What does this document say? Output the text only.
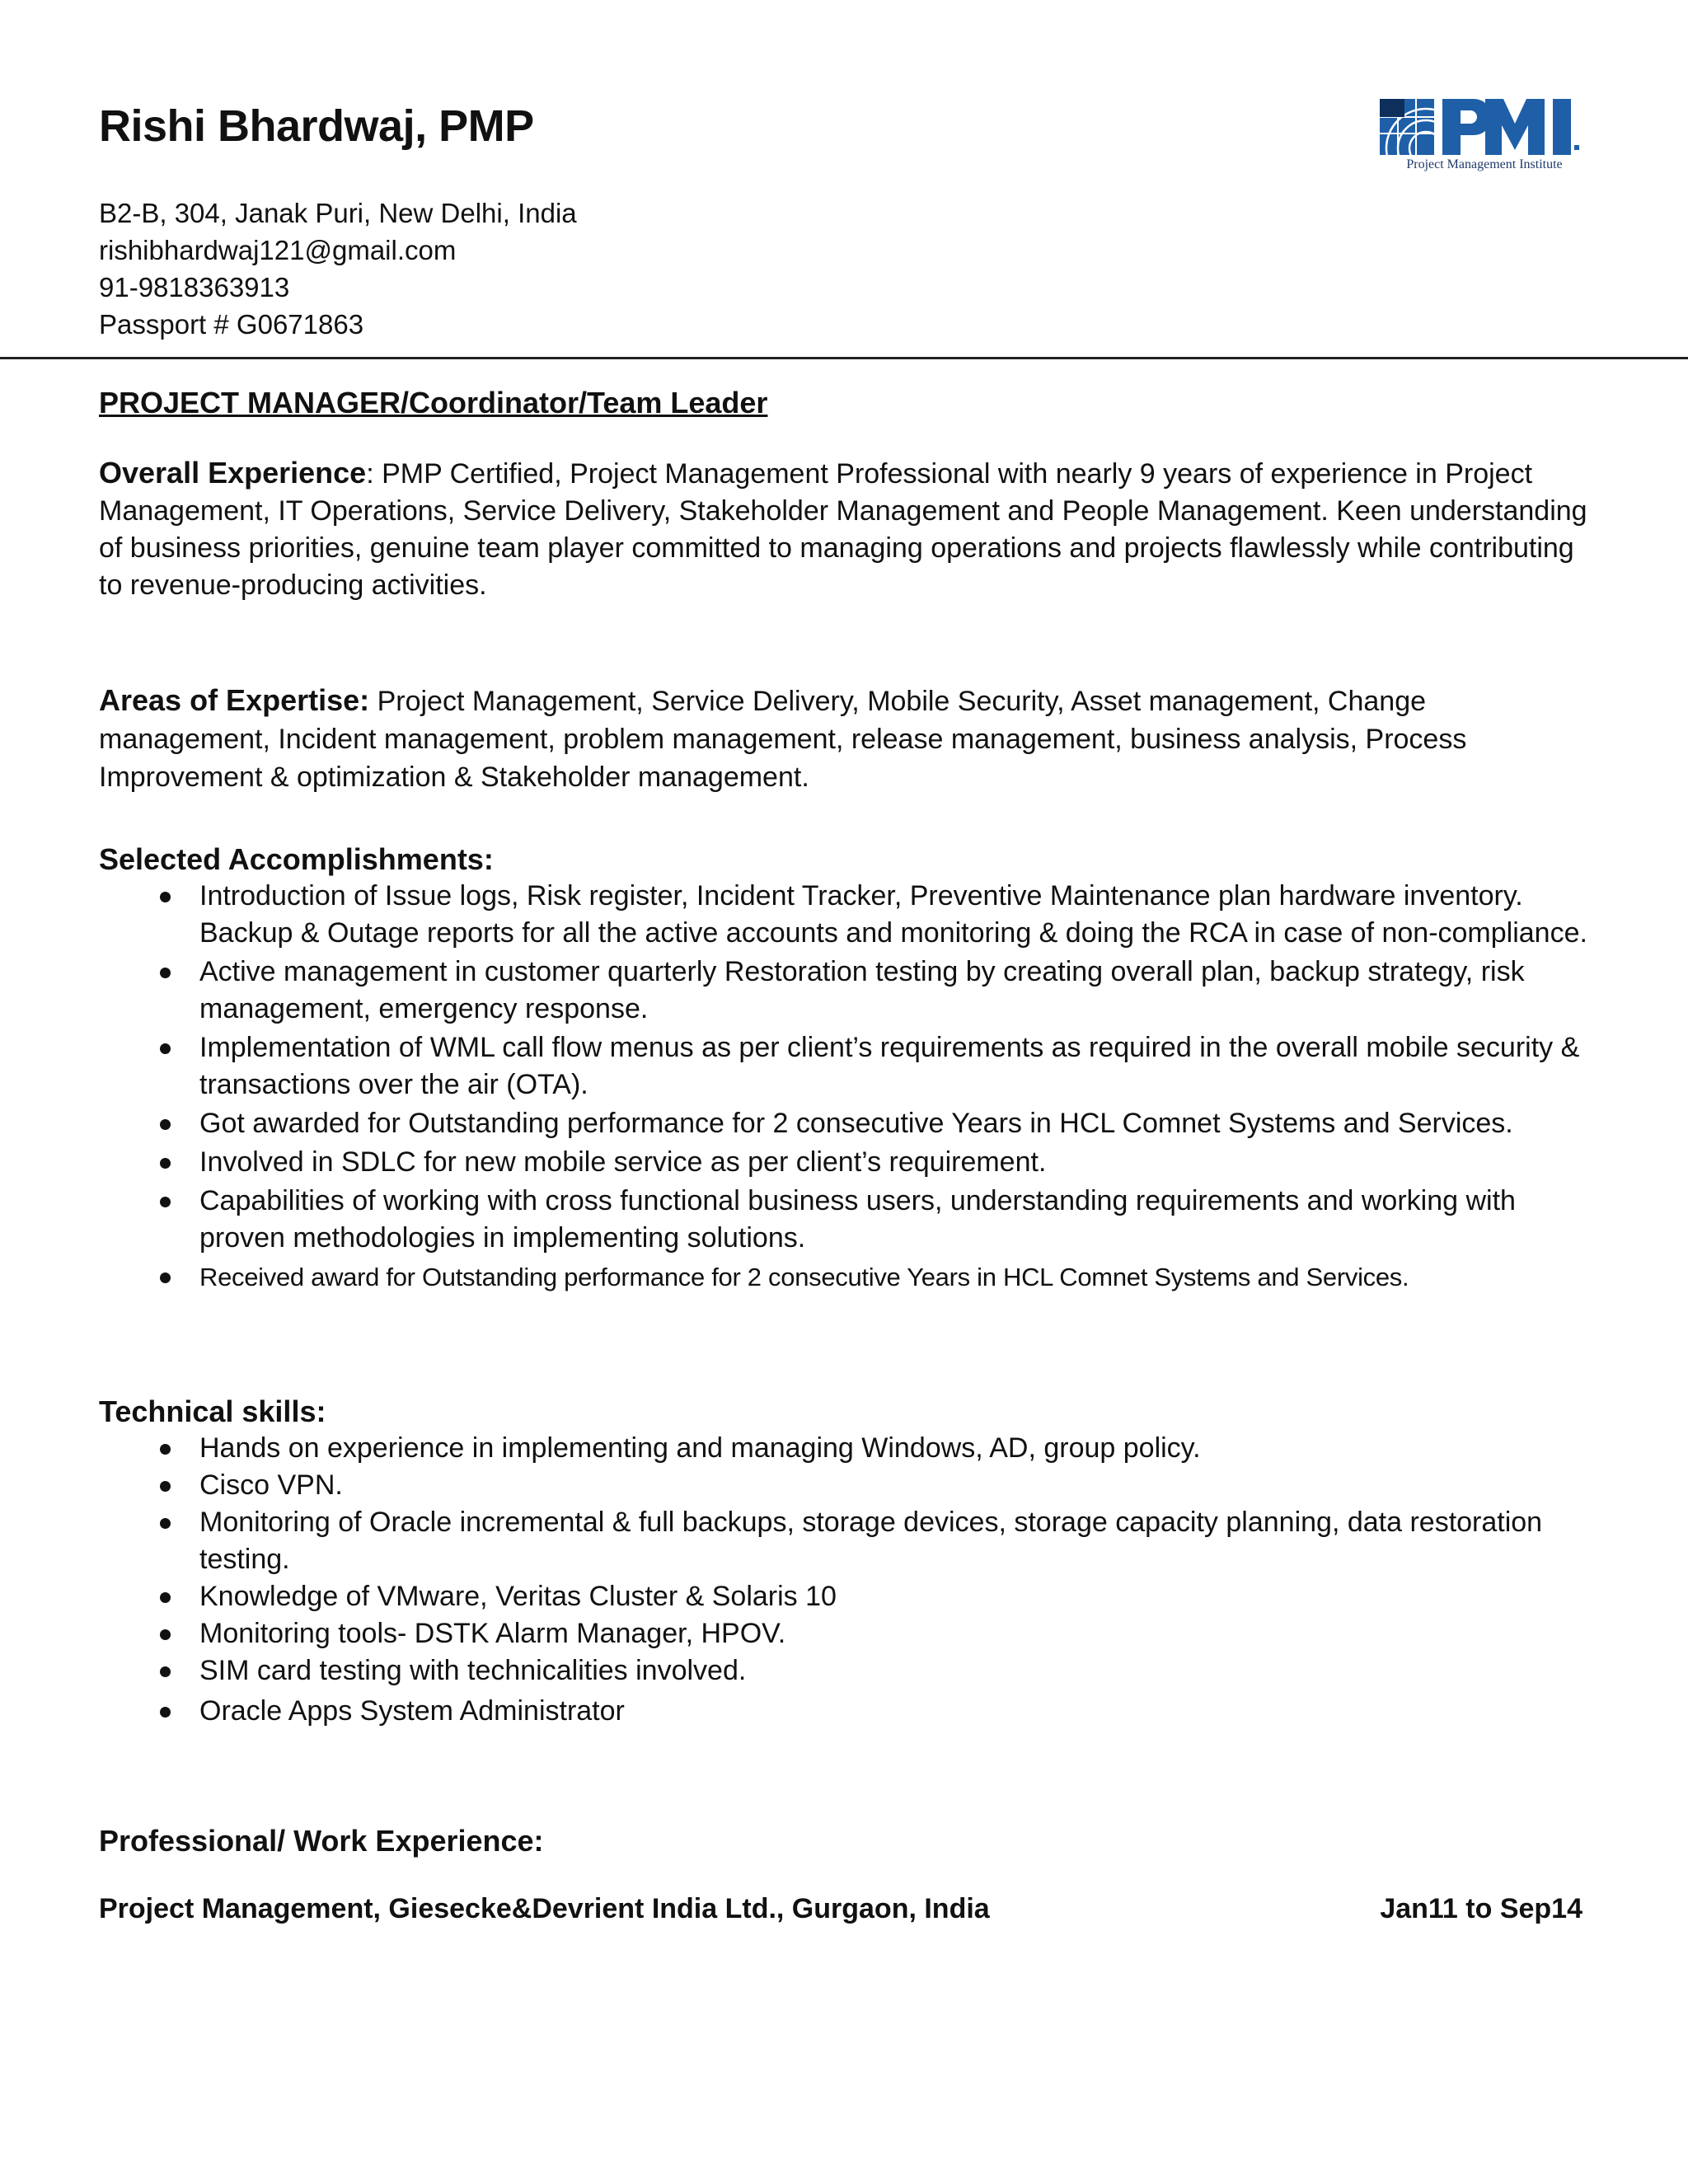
Rishi Bhardwaj, PMP
B2-B, 304, Janak Puri, New Delhi, India
rishibhardwaj121@gmail.com
91-9818363913
Passport # G0671863
Project Management Institute

PROJECT MANAGER/Coordinator/Team Leader

Overall Experience: PMP Certified, Project Management Professional with nearly 9 years of experience in Project Management, IT Operations, Service Delivery, Stakeholder Management and People Management. Keen understanding of business priorities, genuine team player committed to managing operations and projects flawlessly while contributing to revenue-producing activities.

Areas of Expertise: Project Management, Service Delivery, Mobile Security, Asset management, Change management, Incident management, problem management, release management, business analysis, Process Improvement & optimization & Stakeholder management.

Selected Accomplishments:

Introduction of Issue logs, Risk register, Incident Tracker, Preventive Maintenance plan hardware inventory. Backup & Outage reports for all the active accounts and monitoring & doing the RCA in case of non-compliance.
Active management in customer quarterly Restoration testing by creating overall plan, backup strategy, risk management, emergency response.
Implementation of WML call flow menus as per client’s requirements as required in the overall mobile security & transactions over the air (OTA).
Got awarded for Outstanding performance for 2 consecutive Years in HCL Comnet Systems and Services.
Involved in SDLC for new mobile service as per client’s requirement.
Capabilities of working with cross functional business users, understanding requirements and working with proven methodologies in implementing solutions.
Received award for Outstanding performance for 2 consecutive Years in HCL Comnet Systems and Services.

Technical skills:

Hands on experience in implementing and managing Windows, AD, group policy.
Cisco VPN.
Monitoring of Oracle incremental & full backups, storage devices, storage capacity planning, data restoration testing.
Knowledge of VMware, Veritas Cluster & Solaris 10
Monitoring tools- DSTK Alarm Manager, HPOV.
SIM card testing with technicalities involved.
Oracle Apps System Administrator

Professional/ Work Experience:

Project Management, Giesecke&Devrient India Ltd., Gurgaon, India	Jan11 to Sep14
